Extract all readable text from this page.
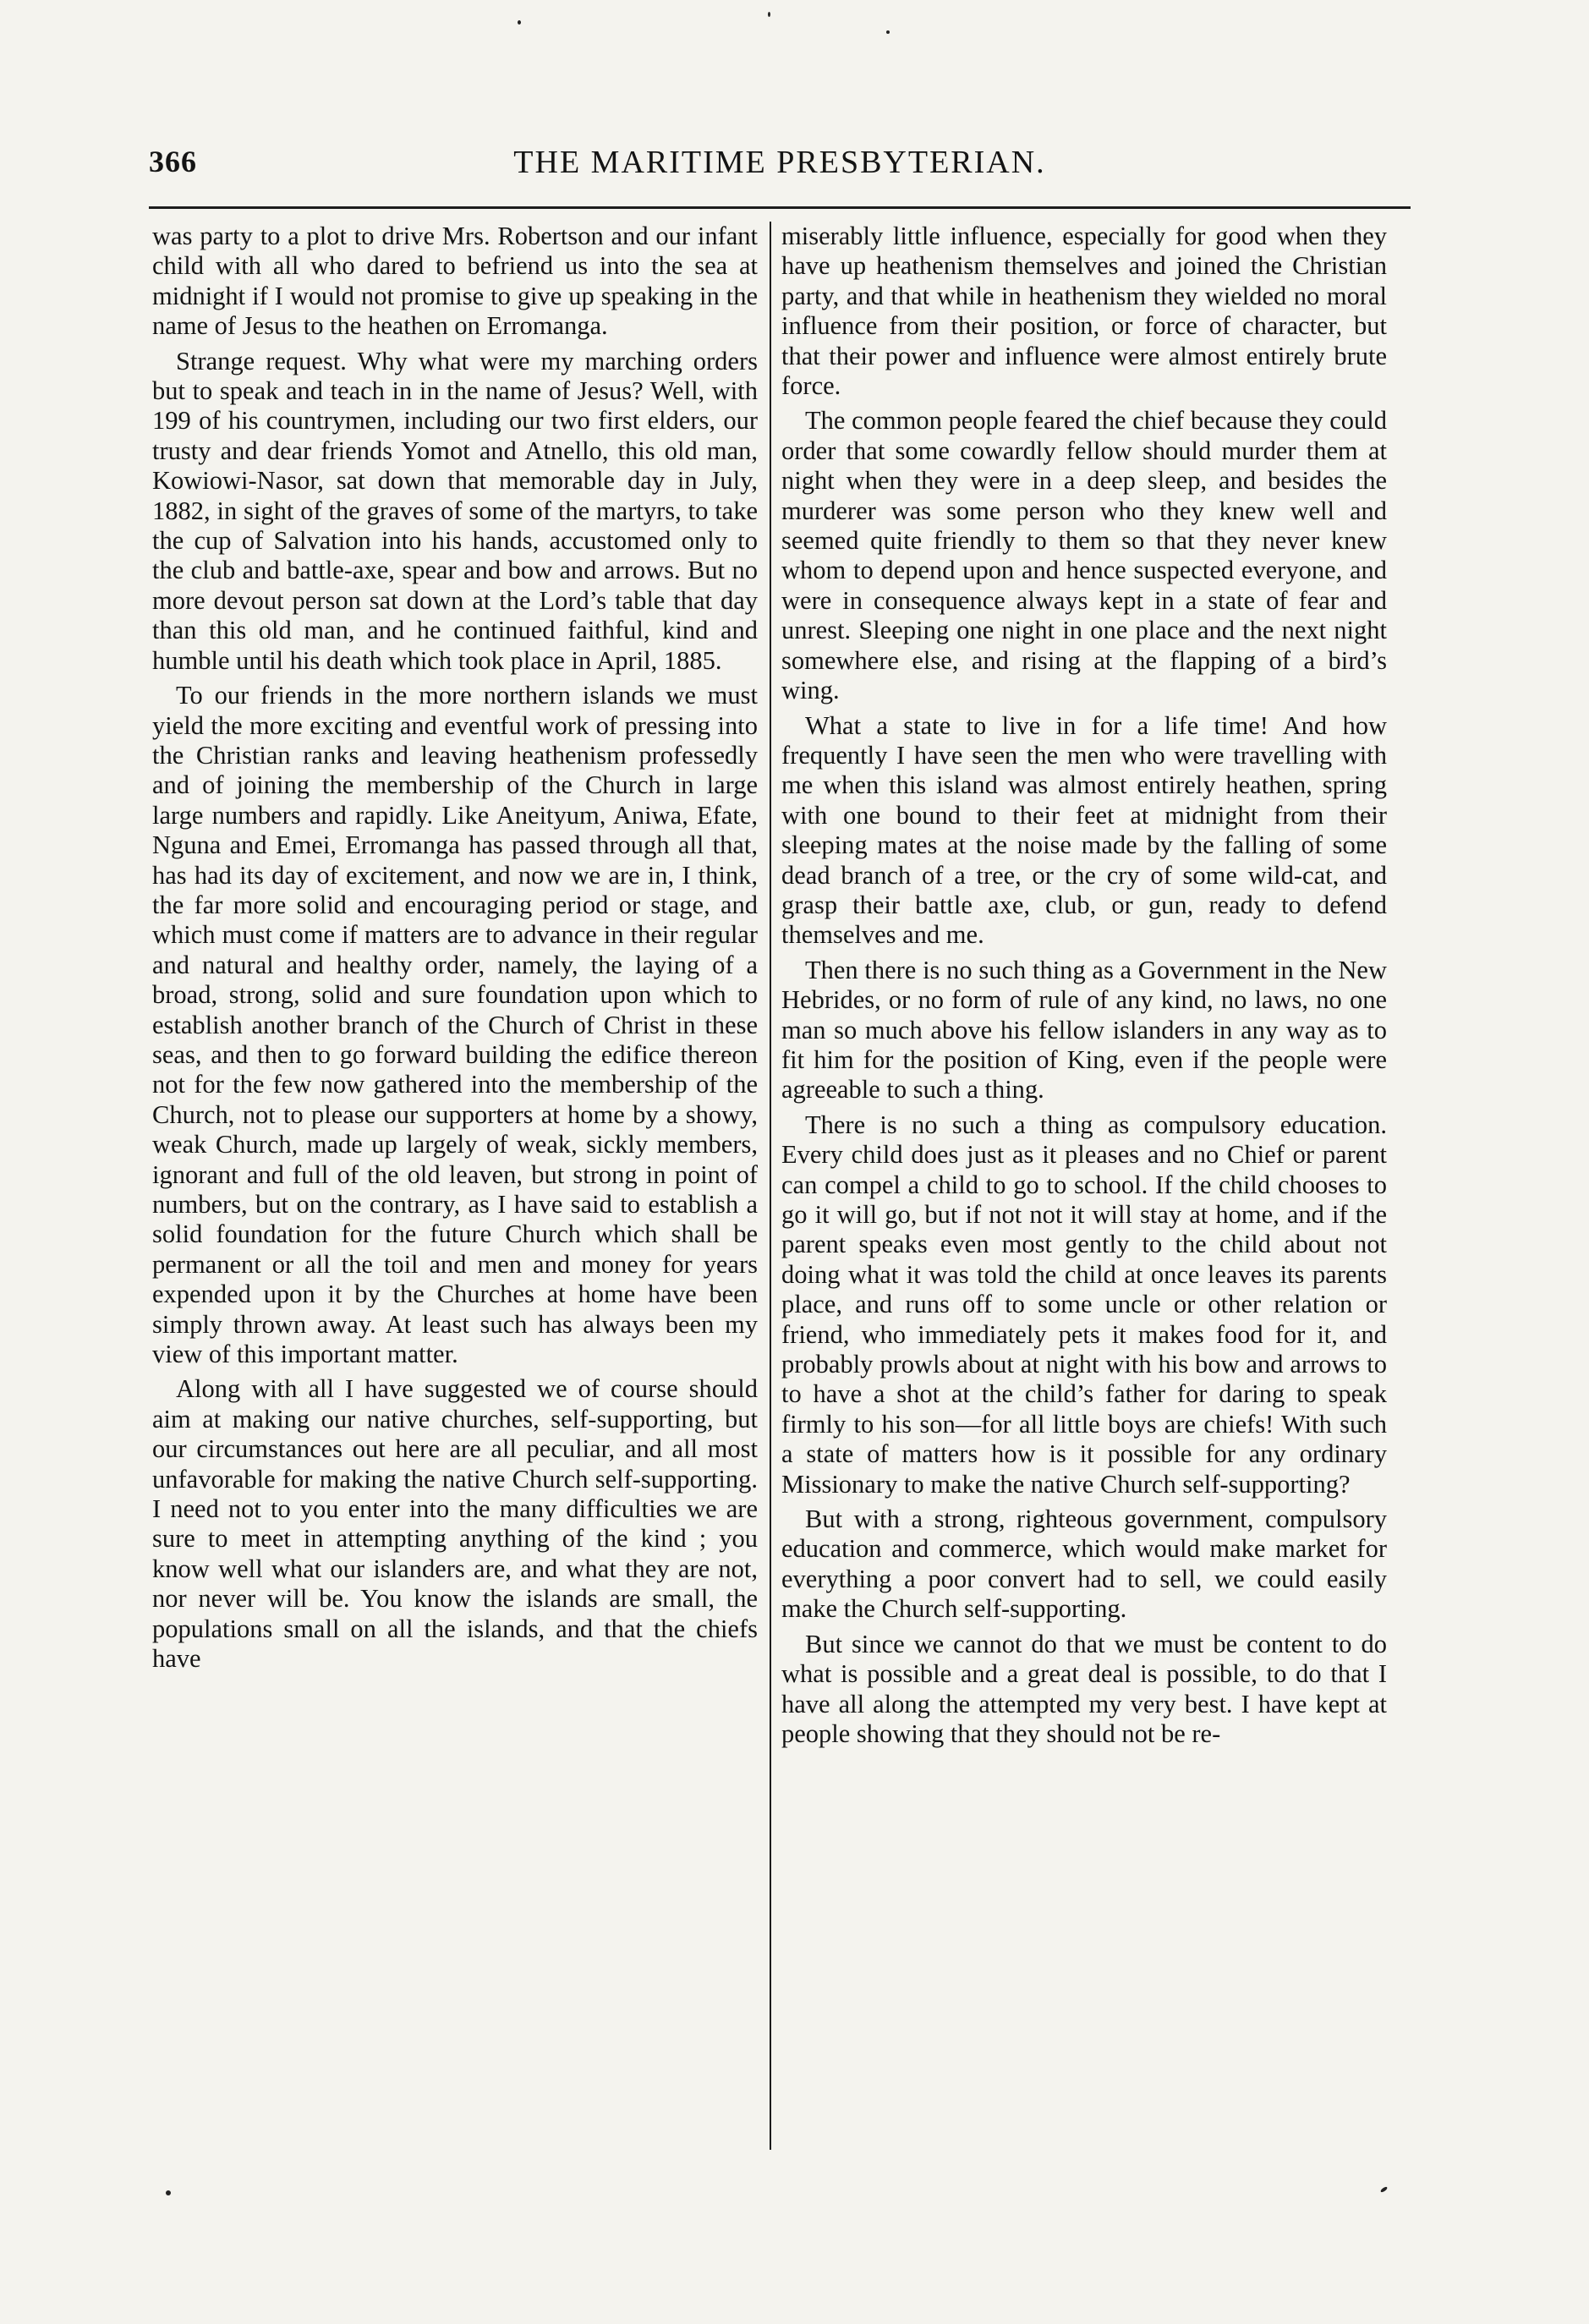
366	THE MARITIME PRESBYTERIAN.

was party to a plot to drive Mrs. Robertson and our infant child with all who dared to befriend us into the sea at midnight if I would not promise to give up speaking in the name of Jesus to the heathen on Erromanga.

Strange request. Why what were my marching orders but to speak and teach in in the name of Jesus? Well, with 199 of his countrymen, including our two first elders, our trusty and dear friends Yomot and Atnello, this old man, Kowiowi-Nasor, sat down that memorable day in July, 1882, in sight of the graves of some of the martyrs, to take the cup of Salvation into his hands, accustomed only to the club and battle-axe, spear and bow and arrows. But no more devout person sat down at the Lord’s table that day than this old man, and he continued faithful, kind and humble until his death which took place in April, 1885.

To our friends in the more northern islands we must yield the more exciting and eventful work of pressing into the Christian ranks and leaving heathenism professedly and of joining the membership of the Church in large large numbers and rapidly. Like Aneityum, Aniwa, Efate, Nguna and Emei, Erromanga has passed through all that, has had its day of excitement, and now we are in, I think, the far more solid and encouraging period or stage, and which must come if matters are to advance in their regular and natural and healthy order, namely, the laying of a broad, strong, solid and sure foundation upon which to establish another branch of the Church of Christ in these seas, and then to go forward building the edifice thereon not for the few now gathered into the membership of the Church, not to please our supporters at home by a showy, weak Church, made up largely of weak, sickly members, ignorant and full of the old leaven, but strong in point of numbers, but on the contrary, as I have said to establish a solid foundation for the future Church which shall be permanent or all the toil and men and money for years expended upon it by the Churches at home have been simply thrown away. At least such has always been my view of this important matter.

Along with all I have suggested we of course should aim at making our native churches, self-supporting, but our circumstances out here are all peculiar, and all most unfavorable for making the native Church self-supporting. I need not to you enter into the many difficulties we are sure to meet in attempting anything of the kind ; you know well what our islanders are, and what they are not, nor never will be. You know the islands are small, the populations small on all the islands, and that the chiefs have

miserably little influence, especially for good when they have up heathenism themselves and joined the Christian party, and that while in heathenism they wielded no moral influence from their position, or force of character, but that their power and influence were almost entirely brute force.

The common people feared the chief because they could order that some cowardly fellow should murder them at night when they were in a deep sleep, and besides the murderer was some person who they knew well and seemed quite friendly to them so that they never knew whom to depend upon and hence suspected everyone, and were in consequence always kept in a state of fear and unrest. Sleeping one night in one place and the next night somewhere else, and rising at the flapping of a bird’s wing.

What a state to live in for a life time! And how frequently I have seen the men who were travelling with me when this island was almost entirely heathen, spring with one bound to their feet at midnight from their sleeping mates at the noise made by the falling of some dead branch of a tree, or the cry of some wild-cat, and grasp their battle axe, club, or gun, ready to defend themselves and me.

Then there is no such thing as a Government in the New Hebrides, or no form of rule of any kind, no laws, no one man so much above his fellow islanders in any way as to fit him for the position of King, even if the people were agreeable to such a thing.

There is no such a thing as compulsory education. Every child does just as it pleases and no Chief or parent can compel a child to go to school. If the child chooses to go it will go, but if not not it will stay at home, and if the parent speaks even most gently to the child about not doing what it was told the child at once leaves its parents place, and runs off to some uncle or other relation or friend, who immediately pets it makes food for it, and probably prowls about at night with his bow and arrows to to have a shot at the child’s father for daring to speak firmly to his son—for all little boys are chiefs! With such a state of matters how is it possible for any ordinary Missionary to make the native Church self-supporting?

But with a strong, righteous government, compulsory education and commerce, which would make market for everything a poor convert had to sell, we could easily make the Church self-supporting.

But since we cannot do that we must be content to do what is possible and a great deal is possible, to do that I have all along the attempted my very best. I have kept at people showing that they should not be re-
